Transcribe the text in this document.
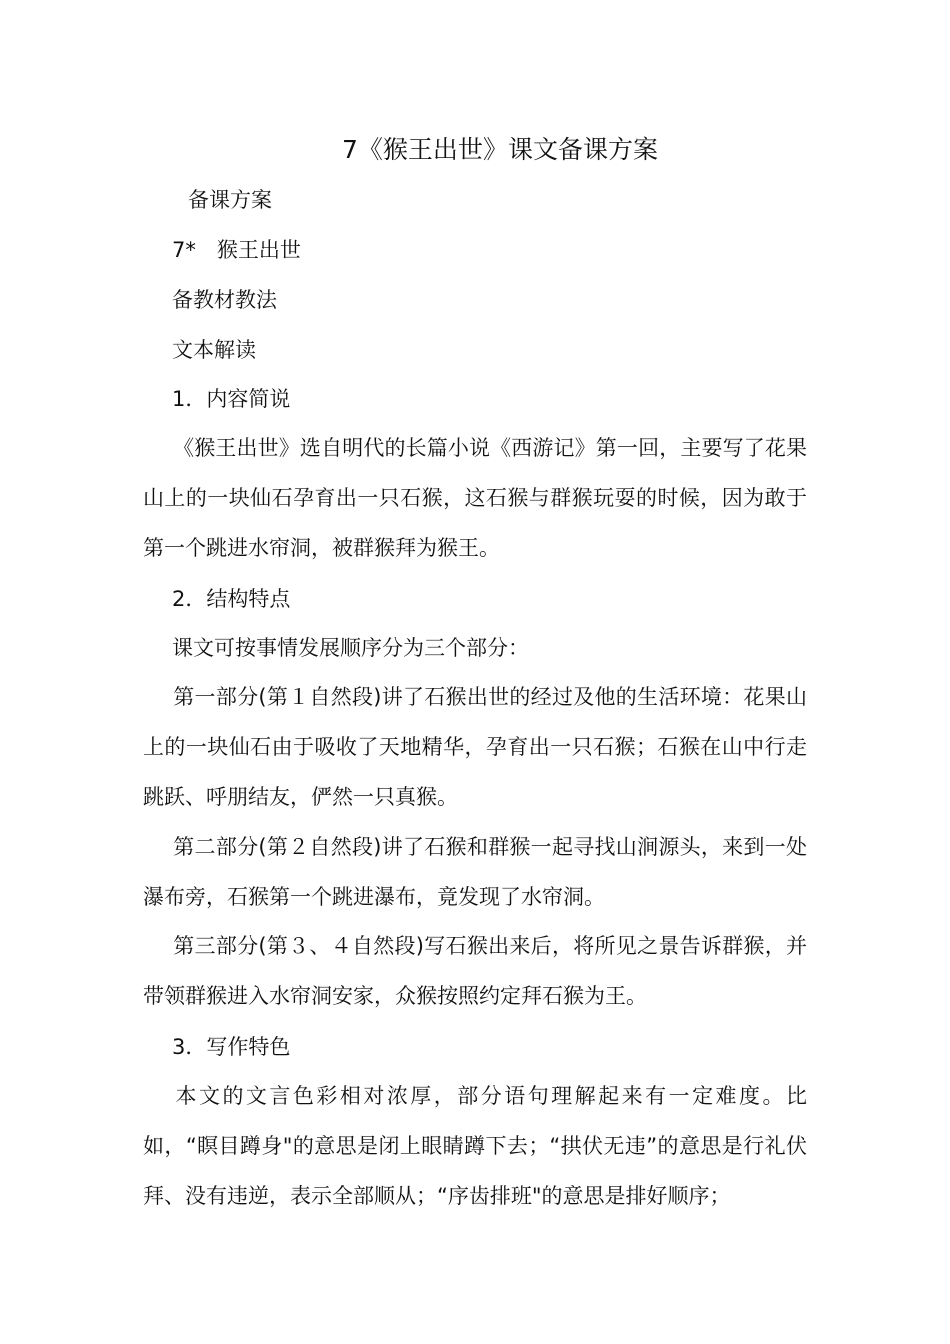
7《猴王出世》课文备课方案
备课方案
7*　猴王出世
备教材教法
文本解读
1．内容简说
《猴王出世》选自明代的长篇小说《西游记》第一回，主要写了花果山上的一块仙石孕育出一只石猴，这石猴与群猴玩耍的时候，因为敢于第一个跳进水帘洞，被群猴拜为猴王。
2．结构特点
课文可按事情发展顺序分为三个部分：
第一部分(第１自然段)讲了石猴出世的经过及他的生活环境：花果山上的一块仙石由于吸收了天地精华，孕育出一只石猴；石猴在山中行走跳跃、呼朋结友，俨然一只真猴。
第二部分(第２自然段)讲了石猴和群猴一起寻找山涧源头，来到一处瀑布旁，石猴第一个跳进瀑布，竟发现了水帘洞。
第三部分(第３、４自然段)写石猴出来后，将所见之景告诉群猴，并带领群猴进入水帘洞安家，众猴按照约定拜石猴为王。
3．写作特色
本文的文言色彩相对浓厚，部分语句理解起来有一定难度。比如，“瞑目蹲身"的意思是闭上眼睛蹲下去；“拱伏无违”的意思是行礼伏拜、没有违逆，表示全部顺从；“序齿排班"的意思是排好顺序；
